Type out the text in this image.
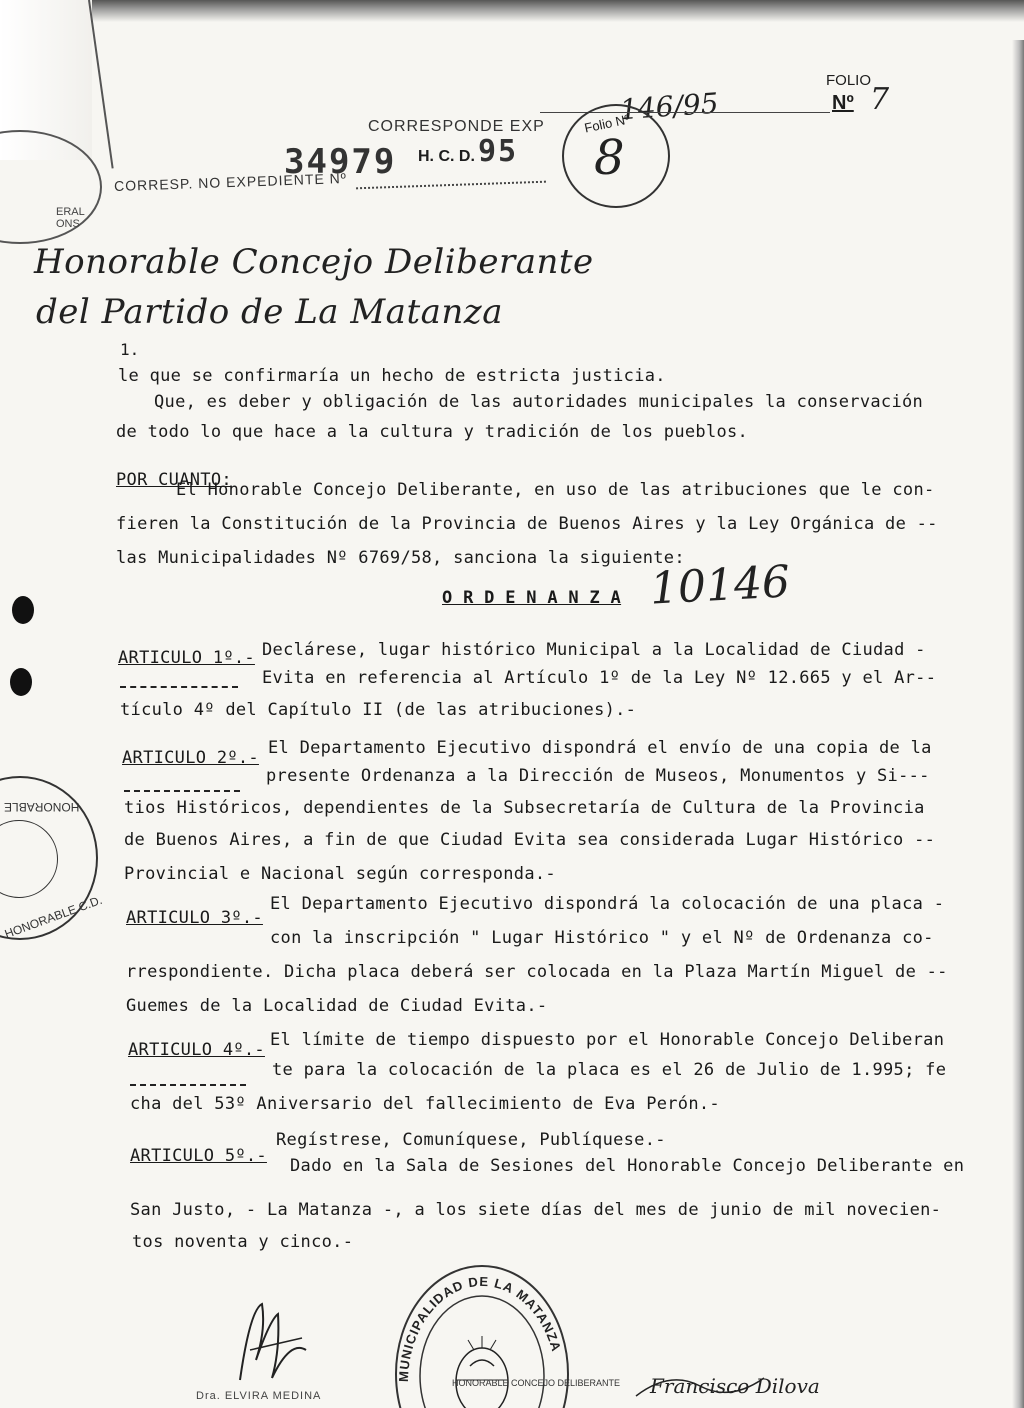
FOLIO
Nº 7
CORRESPONDE EXP
146/95
34979 H. C. D. 95
CORRESP. NO EXPEDIENTE Nº
Folio Nº
8
ERAL ONS
Honorable Concejo Deliberante
del Partido de La Matanza
1.
le que se confirmaría un hecho de estricta justicia.
Que, es deber y obligación de las autoridades municipales la conservación
de todo lo que hace a la cultura y tradición de los pueblos.
POR CUANTO:
El Honorable Concejo Deliberante, en uso de las atribuciones que le con-
fieren la Constitución de la Provincia de Buenos Aires y la Ley Orgánica de --
las Municipalidades Nº 6769/58, sanciona la siguiente:
O R D E N A N Z A 10146
ARTICULO 1º.- Declárese, lugar histórico Municipal a la Localidad de Ciudad -
Evita en referencia al Artículo 1º de la Ley Nº 12.665 y el Ar--
tículo 4º del Capítulo II (de las atribuciones).-
ARTICULO 2º.- El Departamento Ejecutivo dispondrá el envío de una copia de la
presente Ordenanza a la Dirección de Museos, Monumentos y Si---
tios Históricos, dependientes de la Subsecretaría de Cultura de la Provincia
de Buenos Aires, a fin de que Ciudad Evita sea considerada Lugar Histórico --
Provincial e Nacional según corresponda.-
ARTICULO 3º.-
El Departamento Ejecutivo dispondrá la colocación de una placa -
con la inscripción " Lugar Histórico " y el Nº de Ordenanza co-
rrespondiente. Dicha placa deberá ser colocada en la Plaza Martín Miguel de --
Guemes de la Localidad de Ciudad Evita.-
ARTICULO 4º.- El límite de tiempo dispuesto por el Honorable Concejo Deliberan
te para la colocación de la placa es el 26 de Julio de 1.995; fe
cha del 53º Aniversario del fallecimiento de Eva Perón.-
ARTICULO 5º.-
Regístrese, Comuníquese, Publíquese.-
Dado en la Sala de Sesiones del Honorable Concejo Deliberante en
San Justo, - La Matanza -, a los siete días del mes de junio de mil novecien-
tos noventa y cinco.-
HONORABLE
HONORABLE C.D.
MUNICIPALIDAD DE LA MATANZA
HONORABLE CONCEJO DELIBERANTE
Dra. ELVIRA MEDINA	Francisco Dilova
